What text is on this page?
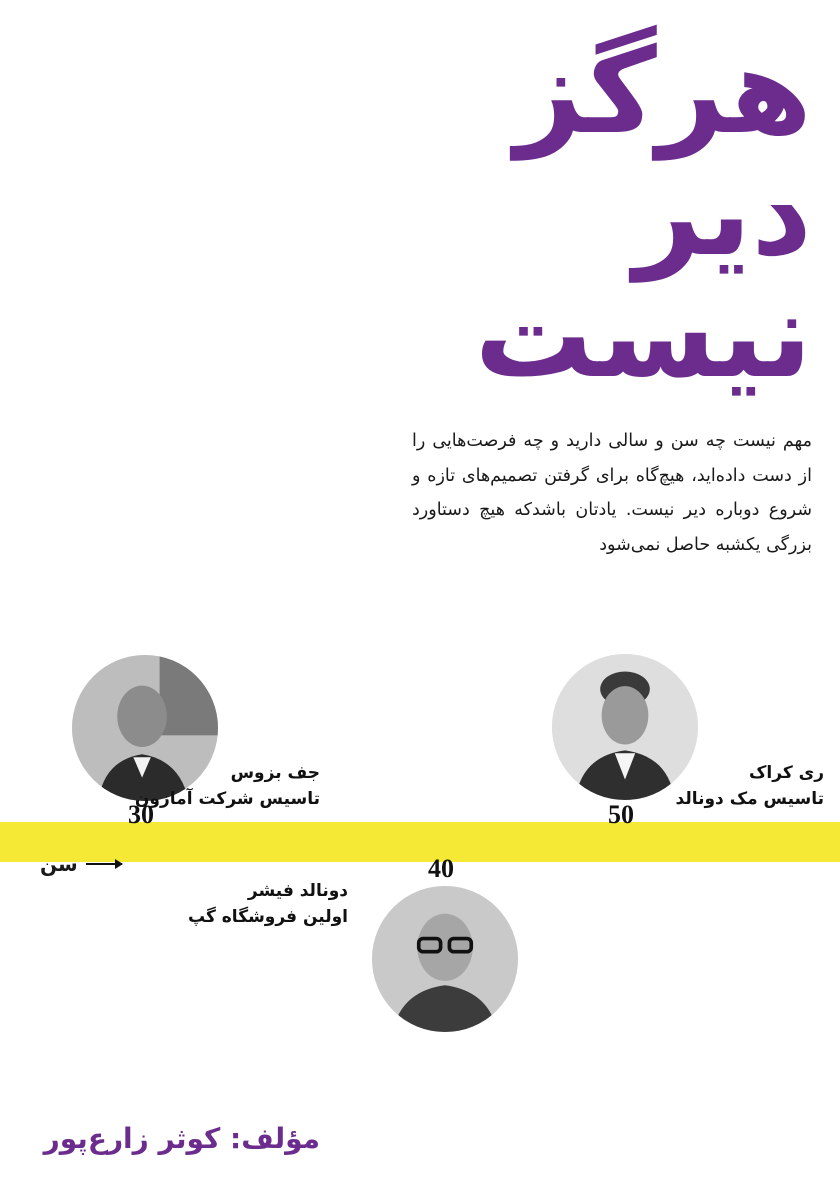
هرگز
دیر
نیست
مهم نیست چه سن و سالی دارید و چه فرصت‌هایی را از دست داده‌اید، هیچ‌گاه برای گرفتن تصمیم‌های تازه و شروع دوباره دیر نیست. یادتان باشدکه هیچ دستاورد بزرگی یکشبه حاصل نمی‌شود
جف بزوس
تاسیس شرکت آمازون
ری کراک
تاسیس مک دونالد
30	50
40
سن
دونالد فیشر
اولین فروشگاه گپ
مؤلف: کوثر زارع‌پور
